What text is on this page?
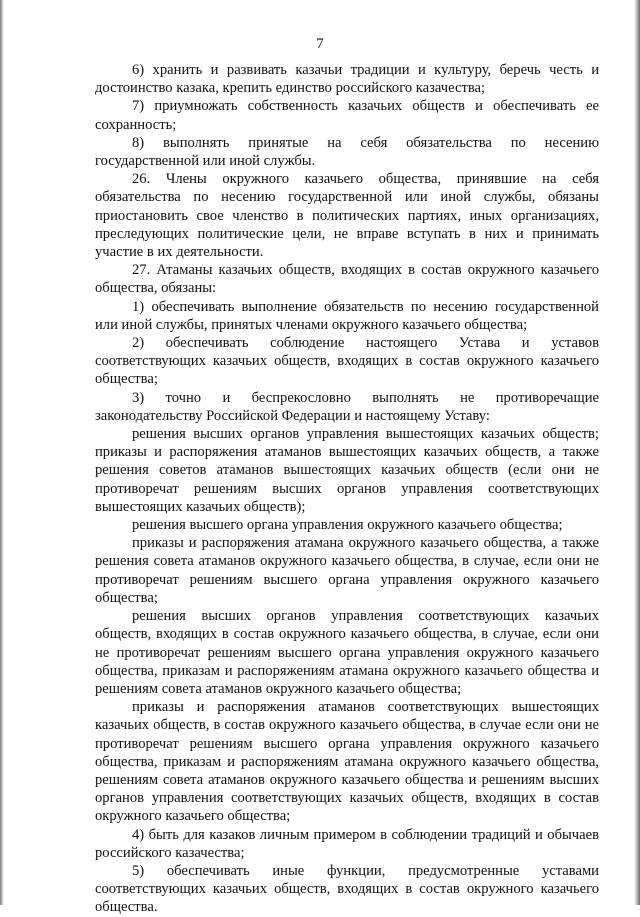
7

6) хранить и развивать казачьи традиции и культуру, беречь честь и достоинство казака, крепить единство российского казачества;

7) приумножать собственность казачьих обществ и обеспечивать ее сохранность;

8) выполнять принятые на себя обязательства по несению государственной или иной службы.

26. Члены окружного казачьего общества, принявшие на себя обязательства по несению государственной или иной службы, обязаны приостановить свое членство в политических партиях, иных организациях, преследующих политические цели, не вправе вступать в них и принимать участие в их деятельности.

27. Атаманы казачьих обществ, входящих в состав окружного казачьего общества, обязаны:

1) обеспечивать выполнение обязательств по несению государственной или иной службы, принятых членами окружного казачьего общества;

2) обеспечивать соблюдение настоящего Устава и уставов соответствующих казачьих обществ, входящих в состав окружного казачьего общества;

3) точно и беспрекословно выполнять не противоречащие законодательству Российской Федерации и настоящему Уставу:

решения высших органов управления вышестоящих казачьих обществ; приказы и распоряжения атаманов вышестоящих казачьих обществ, а также решения советов атаманов вышестоящих казачьих обществ (если они не противоречат решениям высших органов управления соответствующих вышестоящих казачьих обществ);

решения высшего органа управления окружного казачьего общества;

приказы и распоряжения атамана окружного казачьего общества, а также решения совета атаманов окружного казачьего общества, в случае, если они не противоречат решениям высшего органа управления окружного казачьего общества;

решения высших органов управления соответствующих казачьих обществ, входящих в состав окружного казачьего общества, в случае, если они не противоречат решениям высшего органа управления окружного казачьего общества, приказам и распоряжениям атамана окружного казачьего общества и решениям совета атаманов окружного казачьего общества;

приказы и распоряжения атаманов соответствующих вышестоящих казачьих обществ, в состав окружного казачьего общества, в случае если они не противоречат решениям высшего органа управления окружного казачьего общества, приказам и распоряжениям атамана окружного казачьего общества, решениям совета атаманов окружного казачьего общества и решениям высших органов управления соответствующих казачьих обществ, входящих в состав окружного казачьего общества;

4) быть для казаков личным примером в соблюдении традиций и обычаев российского казачества;

5) обеспечивать иные функции, предусмотренные уставами соответствующих казачьих обществ, входящих в состав окружного казачьего общества.
